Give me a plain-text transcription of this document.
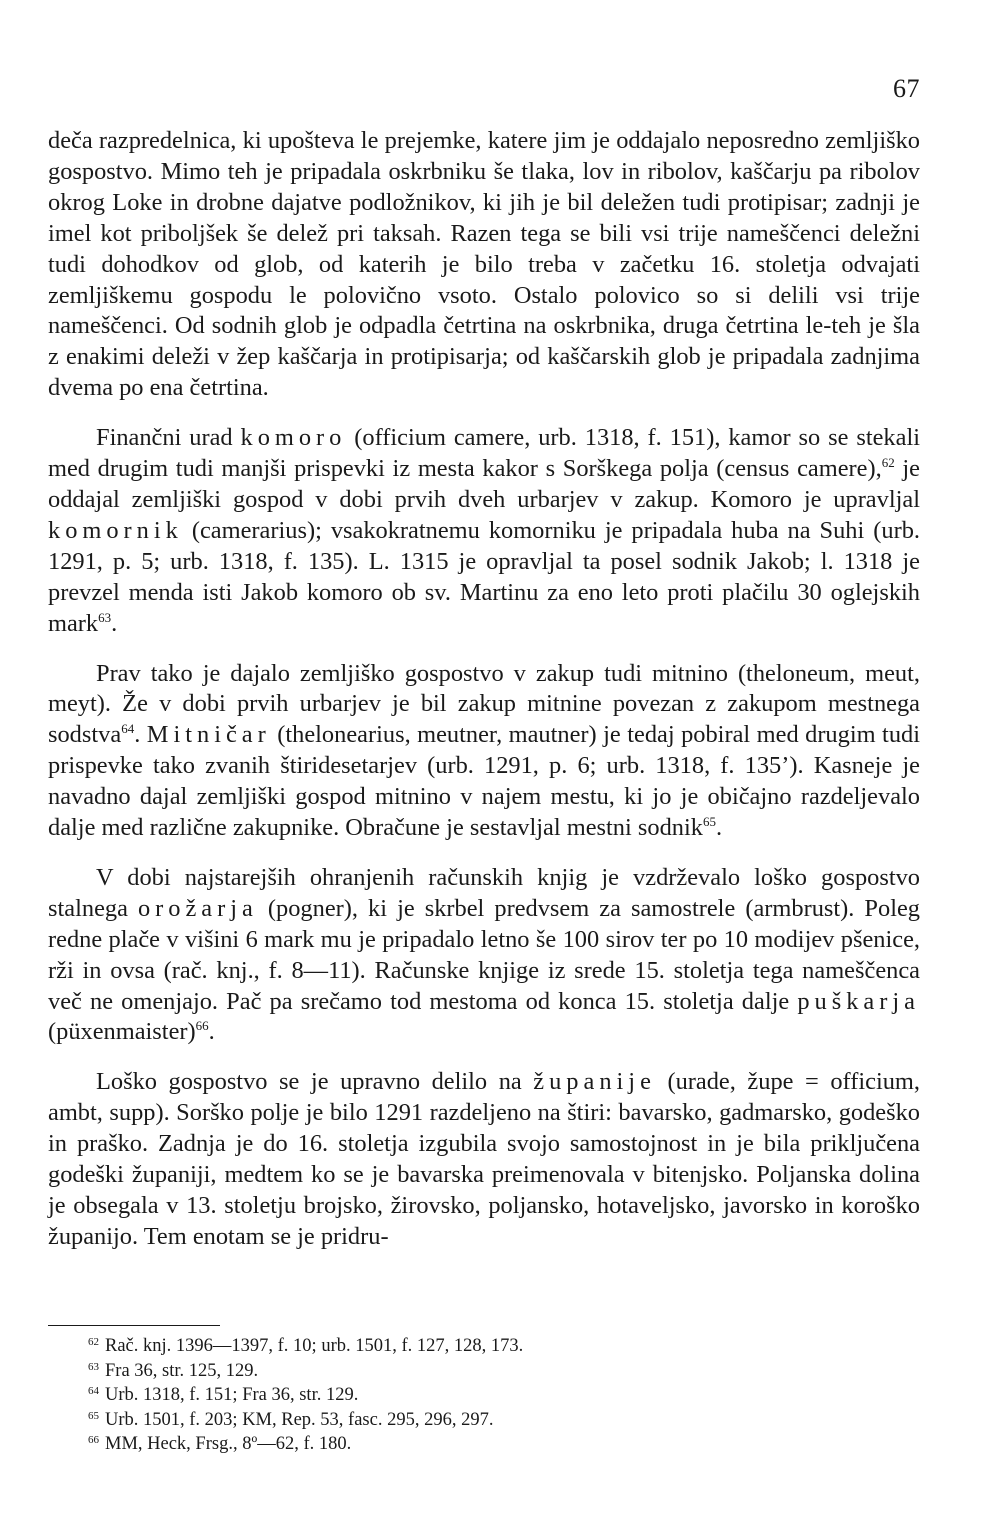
67

deča razpredelnica, ki upošteva le prejemke, katere jim je oddajalo neposredno zemljiško gospostvo. Mimo teh je pripadala oskrbniku še tlaka, lov in ribolov, kaščarju pa ribolov okrog Loke in drobne dajatve podložnikov, ki jih je bil deležen tudi protipisar; zadnji je imel kot priboljšek še delež pri taksah. Razen tega se bili vsi trije nameščenci deležni tudi dohodkov od glob, od katerih je bilo treba v začetku 16. stoletja odvajati zemljiškemu gospodu le polovično vsoto. Ostalo polovico so si delili vsi trije nameščenci. Od sodnih glob je odpadla četrtina na oskrbnika, druga četrtina le-teh je šla z enakimi deleži v žep kaščarja in protipisarja; od kaščarskih glob je pripadala zadnjima dvema po ena četrtina.

Finančni urad komoro (officium camere, urb. 1318, f. 151), kamor so se stekali med drugim tudi manjši prispevki iz mesta kakor s Sorškega polja (census camere),$^{62}$ je oddajal zemljiški gospod v dobi prvih dveh urbarjev v zakup. Komoro je upravljal komornik (camerarius); vsakokratnemu komorniku je pripadala huba na Suhi (urb. 1291, p. 5; urb. 1318, f. 135). L. 1315 je opravljal ta posel sodnik Jakob; l. 1318 je prevzel menda isti Jakob komoro ob sv. Martinu za eno leto proti plačilu 30 oglejskih mark$^{63}$.

Prav tako je dajalo zemljiško gospostvo v zakup tudi mitnino (theloneum, meut, meyt). Že v dobi prvih urbarjev je bil zakup mitnine povezan z zakupom mestnega sodstva$^{64}$. Mitničar (thelonearius, meutner, mautner) je tedaj pobiral med drugim tudi prispevke tako zvanih štiridesetarjev (urb. 1291, p. 6; urb. 1318, f. 135’). Kasneje je navadno dajal zemljiški gospod mitnino v najem mestu, ki jo je običajno razdeljevalo dalje med različne zakupnike. Obračune je sestavljal mestni sodnik$^{65}$.

V dobi najstarejših ohranjenih računskih knjig je vzdrževalo loško gospostvo stalnega orožarja (pogner), ki je skrbel predvsem za samostrele (armbrust). Poleg redne plače v višini 6 mark mu je pripadalo letno še 100 sirov ter po 10 modijev pšenice, rži in ovsa (rač. knj., f. 8—11). Računske knjige iz srede 15. stoletja tega nameščenca več ne omenjajo. Pač pa srečamo tod mestoma od konca 15. stoletja dalje puškarja (püxenmaister)$^{66}$.

Loško gospostvo se je upravno delilo na županije (urade, župe = officium, ambt, supp). Sorško polje je bilo 1291 razdeljeno na štiri: bavarsko, gadmarsko, godeško in praško. Zadnja je do 16. stoletja izgubila svojo samostojnost in je bila priključena godeški županiji, medtem ko se je bavarska preimenovala v bitenjsko. Poljanska dolina je obsegala v 13. stoletju brojsko, žirovsko, poljansko, hotaveljsko, javorsko in koroško županijo. Tem enotam se je pridru-

$^{62}$ Rač. knj. 1396—1397, f. 10; urb. 1501, f. 127, 128, 173.

$^{63}$ Fra 36, str. 125, 129.

$^{64}$ Urb. 1318, f. 151; Fra 36, str. 129.

$^{65}$ Urb. 1501, f. 203; KM, Rep. 53, fasc. 295, 296, 297.

$^{66}$ MM, Heck, Frsg., 8º—62, f. 180.
